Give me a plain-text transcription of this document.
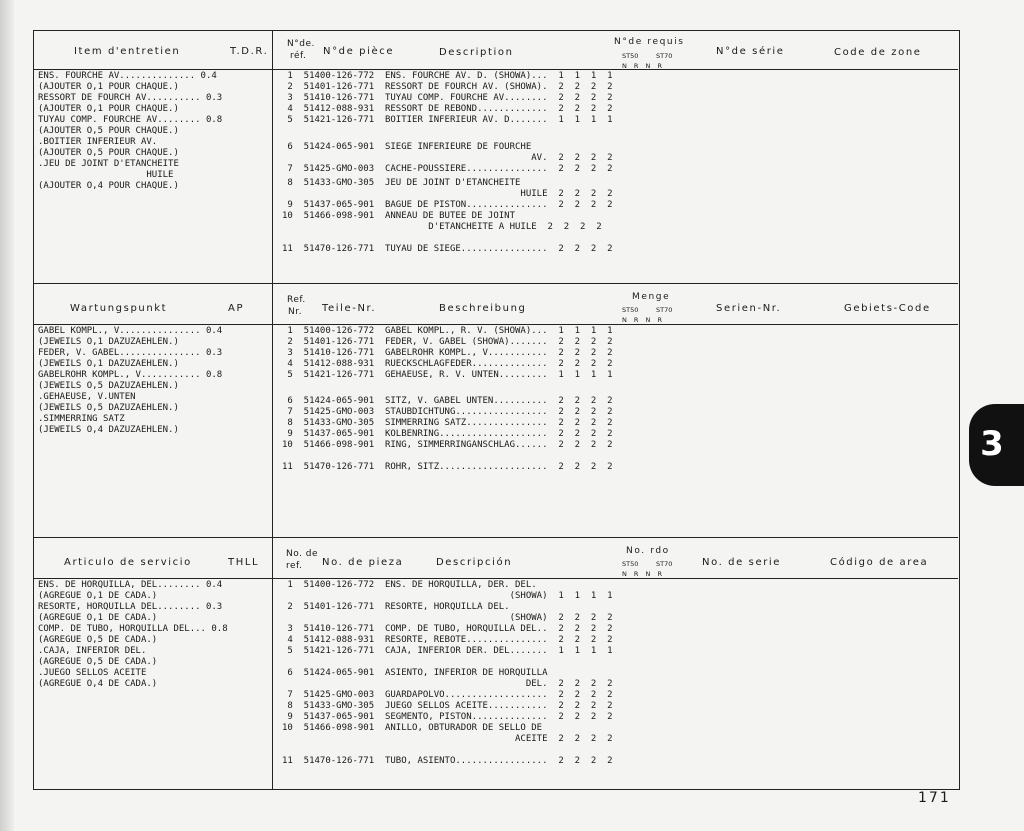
Item d'entretien	T.D.R.
N°de.
réf. N°de pièce	Description
N°de requis
ST50	ST70
N R N R
N°de série	Code de zone
ENS. FOURCHE AV.............. 0.4
(AJOUTER O,1 POUR CHAQUE.)
RESSORT DE FOURCH AV.......... 0.3
(AJOUTER O,1 POUR CHAQUE.)
TUYAU COMP. FOURCHE AV........ 0.8
(AJOUTER O,5 POUR CHAQUE.)
.BOITIER INFERIEUR AV.
(AJOUTER O,5 POUR CHAQUE.)
.JEU DE JOINT D'ETANCHEITE
HUILE
(AJOUTER O,4 POUR CHAQUE.)
1  51400-126-772  ENS. FOURCHE AV. D. (SHOWA)...  1  1  1  1
2  51401-126-771  RESSORT DE FOURCH AV. (SHOWA).  2  2  2  2
3  51410-126-771  TUYAU COMP. FOURCHE AV........  2  2  2  2
4  51412-088-931  RESSORT DE REBOND.............  2  2  2  2
5  51421-126-771  BOITIER INFERIEUR AV. D.......  1  1  1  1
6  51424-065-901  SIEGE INFERIEURE DE FOURCHE
AV.  2  2  2  2
7  51425-GMO-003  CACHE-POUSSIERE...............  2  2  2  2
8  51433-GMO-305  JEU DE JOINT D'ETANCHEITE
HUILE  2  2  2  2
9  51437-065-901  BAGUE DE PISTON...............  2  2  2  2
10  51466-098-901  ANNEAU DE BUTEE DE JOINT
D'ETANCHEITE A HUILE  2  2  2  2
11  51470-126-771  TUYAU DE SIEGE................  2  2  2  2
Wartungspunkt	AP
Ref.
Nr. Teile-Nr.	Beschreibung
Menge
ST50	ST70
N R N R
Serien-Nr.	Gebiets-Code
GABEL KOMPL., V............... 0.4
(JEWEILS O,1 DAZUZAEHLEN.)
FEDER, V. GABEL............... 0.3
(JEWEILS O,1 DAZUZAEHLEN.)
GABELROHR KOMPL., V........... 0.8
(JEWEILS O,5 DAZUZAEHLEN.)
.GEHAEUSE, V.UNTEN
(JEWEILS O,5 DAZUZAEHLEN.)
.SIMMERRING SATZ
(JEWEILS O,4 DAZUZAEHLEN.)
1  51400-126-772  GABEL KOMPL., R. V. (SHOWA)...  1  1  1  1
2  51401-126-771  FEDER, V. GABEL (SHOWA).......  2  2  2  2
3  51410-126-771  GABELROHR KOMPL., V...........  2  2  2  2
4  51412-088-931  RUECKSCHLAGFEDER..............  2  2  2  2
5  51421-126-771  GEHAEUSE, R. V. UNTEN.........  1  1  1  1
6  51424-065-901  SITZ, V. GABEL UNTEN..........  2  2  2  2
7  51425-GMO-003  STAUBDICHTUNG.................  2  2  2  2
8  51433-GMO-305  SIMMERRING SATZ...............  2  2  2  2
9  51437-065-901  KOLBENRING....................  2  2  2  2
10  51466-098-901  RING, SIMMERRINGANSCHLAG......  2  2  2  2
11  51470-126-771  ROHR, SITZ....................  2  2  2  2
Articulo de servicio	THLL
No. de
ref. No. de pieza	Descripción
No. rdo
ST50	ST70
N R N R
No. de serie	Código de area
ENS. DE HORQUILLA, DEL........ 0.4
(AGREGUE O,1 DE CADA.)
RESORTE, HORQUILLA DEL........ 0.3
(AGREGUE O,1 DE CADA.)
COMP. DE TUBO, HORQUILLA DEL... 0.8
(AGREGUE O,5 DE CADA.)
.CAJA, INFERIOR DEL.
(AGREGUE O,5 DE CADA.)
.JUEGO SELLOS ACEITE
(AGREGUE O,4 DE CADA.)
1  51400-126-772  ENS. DE HORQUILLA, DER. DEL.
(SHOWA)  1  1  1  1
2  51401-126-771  RESORTE, HORQUILLA DEL.
(SHOWA)  2  2  2  2
3  51410-126-771  COMP. DE TUBO, HORQUILLA DEL..  2  2  2  2
4  51412-088-931  RESORTE, REBOTE...............  2  2  2  2
5  51421-126-771  CAJA, INFERIOR DER. DEL.......  1  1  1  1
6  51424-065-901  ASIENTO, INFERIOR DE HORQUILLA
DEL.  2  2  2  2
7  51425-GMO-003  GUARDAPOLVO...................  2  2  2  2
8  51433-GMO-305  JUEGO SELLOS ACEITE...........  2  2  2  2
9  51437-065-901  SEGMENTO, PISTON..............  2  2  2  2
10  51466-098-901  ANILLO, OBTURADOR DE SELLO DE
ACEITE  2  2  2  2
11  51470-126-771  TUBO, ASIENTO.................  2  2  2  2
3
171
